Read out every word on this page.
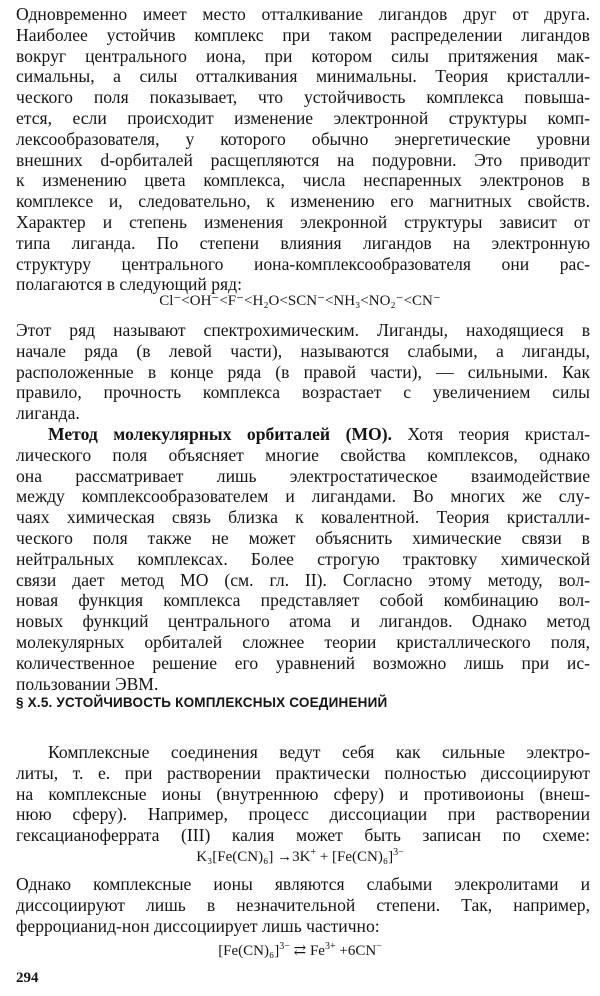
Одновременно имеет место отталкивание лигандов друг от друга.
Наиболее устойчив комплекс при таком распределении лигандов
вокруг центрального иона, при котором силы притяжения мак-
симальны, а силы отталкивания минимальны. Теория кристалли-
ческого поля показывает, что устойчивость комплекса повыша-
ется, если происходит изменение электронной структуры комп-
лексообразователя, у которого обычно энергетические уровни
внешних d-орбиталей расщепляются на подуровни. Это приводит
к изменению цвета комплекса, числа неспаренных электронов в
комплексе и, следовательно, к изменению его магнитных свойств.
Характер и степень изменения элекронной структуры зависит от
типа лиганда. По степени влияния лигандов на электронную
структуру центрального иона-комплексообразователя они рас-
полагаются в следующий ряд:
Cl⁻<OH⁻<F⁻<H₂O<SCN⁻<NH₃<NO₂⁻<CN⁻
Этот ряд называют спектрохимическим. Лиганды, находящиеся в
начале ряда (в левой части), называются слабыми, а лиганды,
расположенные в конце ряда (в правой части), — сильными. Как
правило, прочность комплекса возрастает с увеличением силы
лиганда.
Метод молекулярных орбиталей (МО). Хотя теория кристал-
лического поля объясняет многие свойства комплексов, однако
она рассматривает лишь электростатическое взаимодействие
между комплексообразователем и лигандами. Во многих же слу-
чаях химическая связь близка к ковалентной. Теория кристалли-
ческого поля также не может объяснить химические связи в
нейтральных комплексах. Более строгую трактовку химической
связи дает метод МО (см. гл. II). Согласно этому методу, вол-
новая функция комплекса представляет собой комбинацию вол-
новых функций центрального атома и лигандов. Однако метод
молекулярных орбиталей сложнее теории кристаллического поля,
количественное решение его уравнений возможно лишь при ис-
пользовании ЭВМ.
§ X.5. УСТОЙЧИВОСТЬ КОМПЛЕКСНЫХ СОЕДИНЕНИЙ
Комплексные соединения ведут себя как сильные электро-
литы, т. е. при растворении практически полностью диссоциируют
на комплексные ионы (внутреннюю сферу) и противоионы (внеш-
нюю сферу). Например, процесс диссоциации при растворении
гексацианоферрата (III) калия может быть записан по схеме:
$K_3[Fe(CN)_6] \to 3K^+ + [Fe(CN)_6]^{3-}$
Однако комплексные ионы являются слабыми элекролитами и
диссоциируют лишь в незначительной степени. Так, например,
ферроцианид-нон диссоциирует лишь частично:
$[Fe(CN)_6]^{3-}$ ⇄ $Fe^{3+} +6CN^-$
294
